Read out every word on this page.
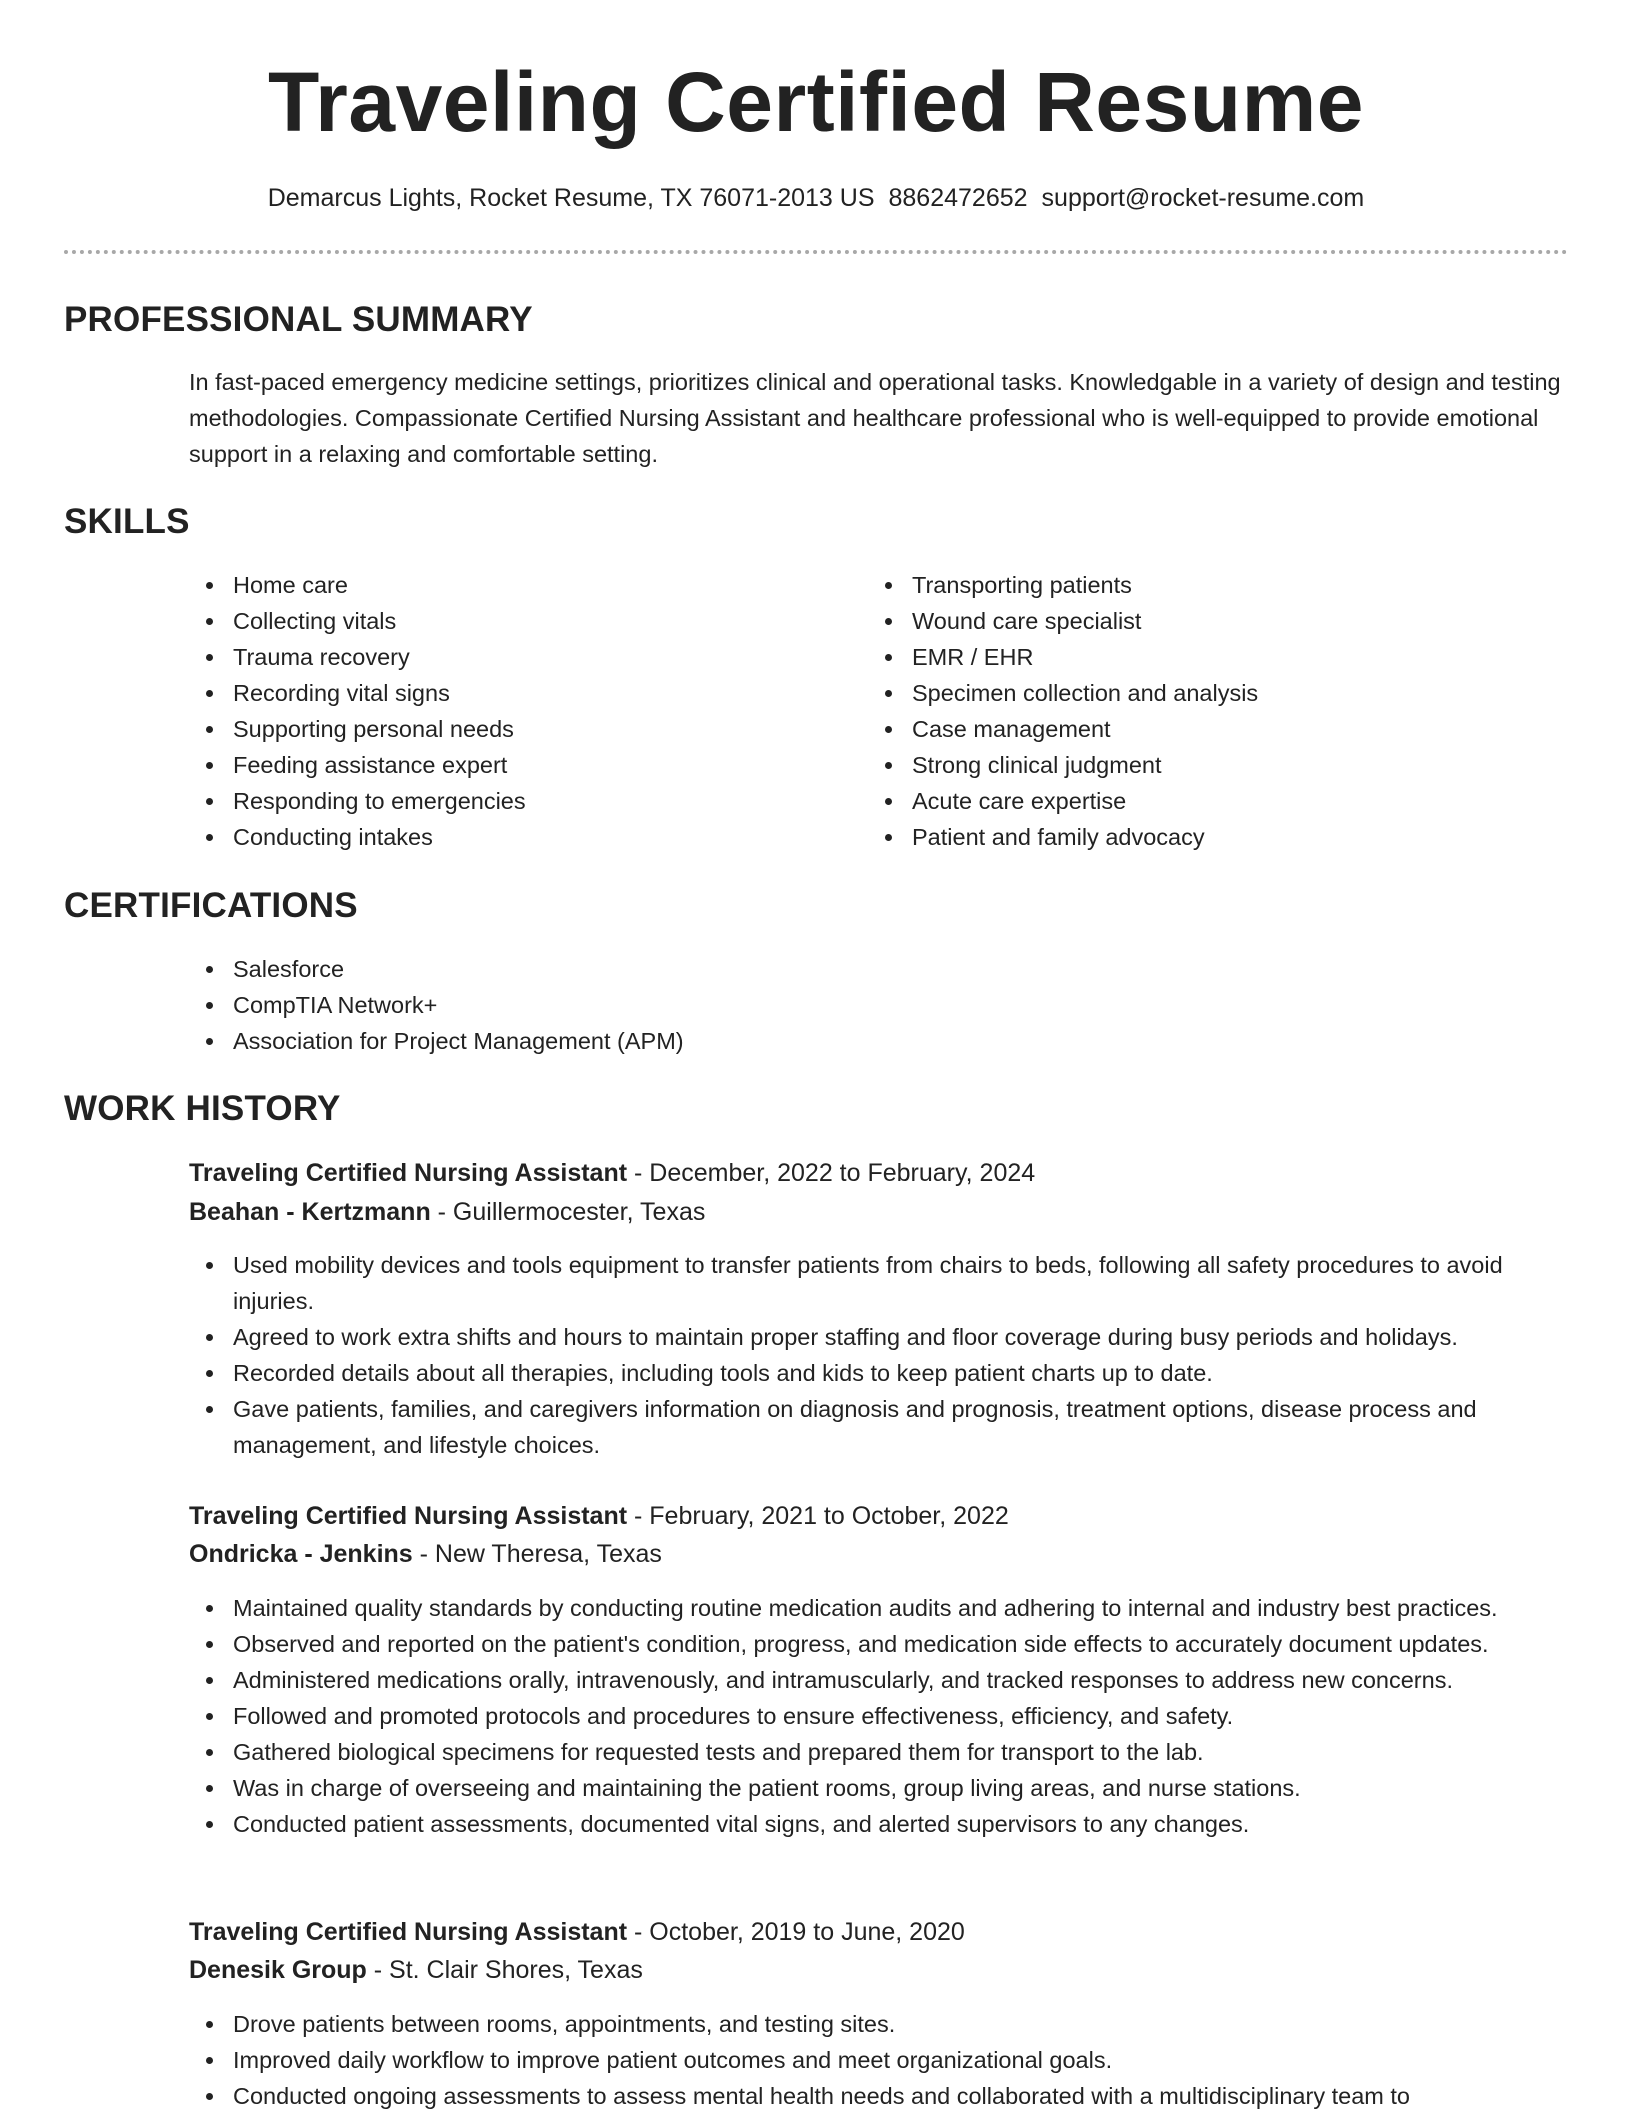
Traveling Certified Resume
Demarcus Lights, Rocket Resume, TX 76071-2013 US 8862472652 support@rocket-resume.com
PROFESSIONAL SUMMARY

In fast-paced emergency medicine settings, prioritizes clinical and operational tasks. Knowledgable in a variety of design and testing methodologies. Compassionate Certified Nursing Assistant and healthcare professional who is well-equipped to provide emotional support in a relaxing and comfortable setting.

SKILLS
Home care
Collecting vitals
Trauma recovery
Recording vital signs
Supporting personal needs
Feeding assistance expert
Responding to emergencies
Conducting intakes
Transporting patients
Wound care specialist
EMR / EHR
Specimen collection and analysis
Case management
Strong clinical judgment
Acute care expertise
Patient and family advocacy
CERTIFICATIONS
Salesforce
CompTIA Network+
Association for Project Management (APM)
WORK HISTORY
Traveling Certified Nursing Assistant - December, 2022 to February, 2024
Beahan - Kertzmann - Guillermocester, Texas
Used mobility devices and tools equipment to transfer patients from chairs to beds, following all safety procedures to avoid injuries.
Agreed to work extra shifts and hours to maintain proper staffing and floor coverage during busy periods and holidays.
Recorded details about all therapies, including tools and kids to keep patient charts up to date.
Gave patients, families, and caregivers information on diagnosis and prognosis, treatment options, disease process and management, and lifestyle choices.
Traveling Certified Nursing Assistant - February, 2021 to October, 2022
Ondricka - Jenkins - New Theresa, Texas
Maintained quality standards by conducting routine medication audits and adhering to internal and industry best practices.
Observed and reported on the patient's condition, progress, and medication side effects to accurately document updates.
Administered medications orally, intravenously, and intramuscularly, and tracked responses to address new concerns.
Followed and promoted protocols and procedures to ensure effectiveness, efficiency, and safety.
Gathered biological specimens for requested tests and prepared them for transport to the lab.
Was in charge of overseeing and maintaining the patient rooms, group living areas, and nurse stations.
Conducted patient assessments, documented vital signs, and alerted supervisors to any changes.
Traveling Certified Nursing Assistant - October, 2019 to June, 2020
Denesik Group - St. Clair Shores, Texas
Drove patients between rooms, appointments, and testing sites.
Improved daily workflow to improve patient outcomes and meet organizational goals.
Conducted ongoing assessments to assess mental health needs and collaborated with a multidisciplinary team to
